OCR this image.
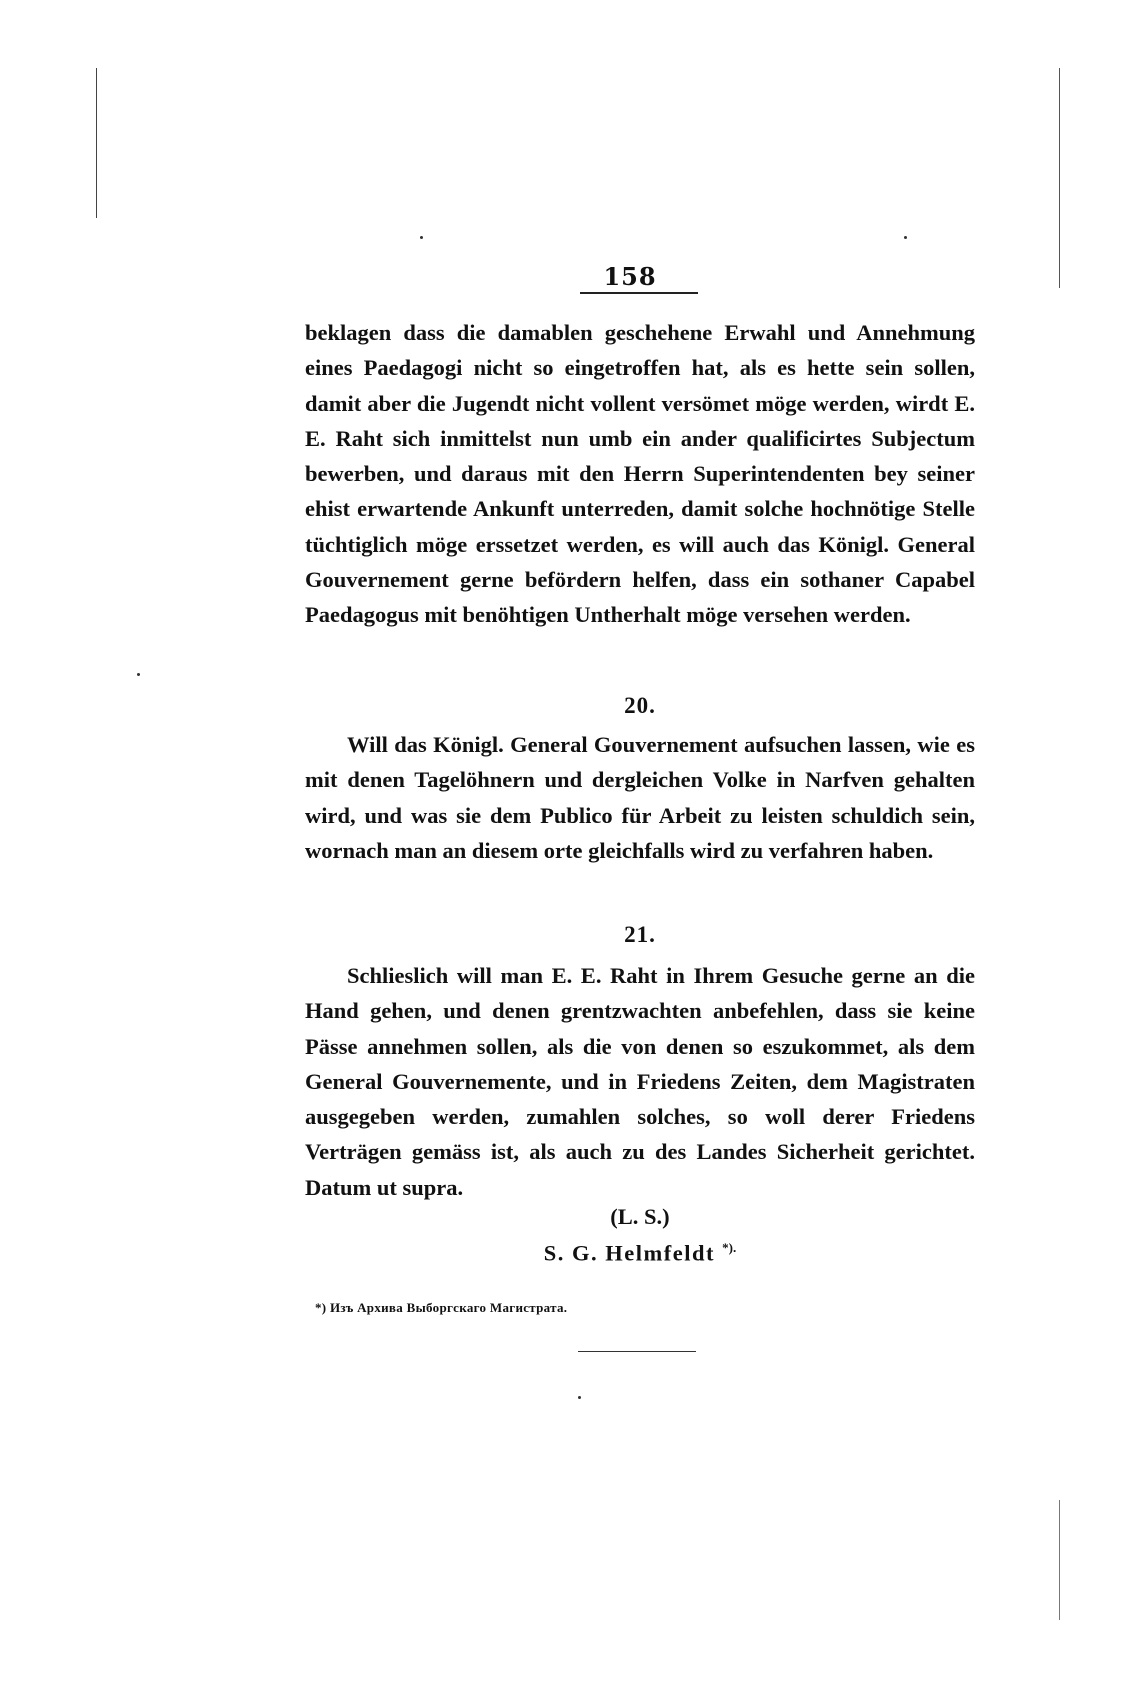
158
beklagen dass die damablen geschehene Erwahl und Annehmung eines Paedagogi nicht so eingetroffen hat, als es hette sein sollen, damit aber die Jugendt nicht vollent versömet möge werden, wirdt E. E. Raht sich inmittelst nun umb ein ander qualificirtes Subjectum bewerben, und daraus mit den Herrn Superintendenten bey seiner ehist erwartende Ankunft unterreden, damit solche hochnötige Stelle tüchtiglich möge erssetzet werden, es will auch das Königl. General Gouvernement gerne befördern helfen, dass ein sothaner Capabel Paedagogus mit benöhtigen Untherhalt möge versehen werden.
20.
Will das Königl. General Gouvernement aufsuchen lassen, wie es mit denen Tagelöhnern und dergleichen Volke in Narfven gehalten wird, und was sie dem Publico für Arbeit zu leisten schuldich sein, wornach man an diesem orte gleichfalls wird zu verfahren haben.
21.
Schlieslich will man E. E. Raht in Ihrem Gesuche gerne an die Hand gehen, und denen grentzwachten anbefehlen, dass sie keine Pässe annehmen sollen, als die von denen so eszukommet, als dem General Gouvernemente, und in Friedens Zeiten, dem Magistraten ausgegeben werden, zumahlen solches, so woll derer Friedens Verträgen gemäss ist, als auch zu des Landes Sicherheit gerichtet. Datum ut supra.
(L. S.)
S. G. Helmfeldt *).
*) Изъ Архива Выборгскаго Магистрата.
